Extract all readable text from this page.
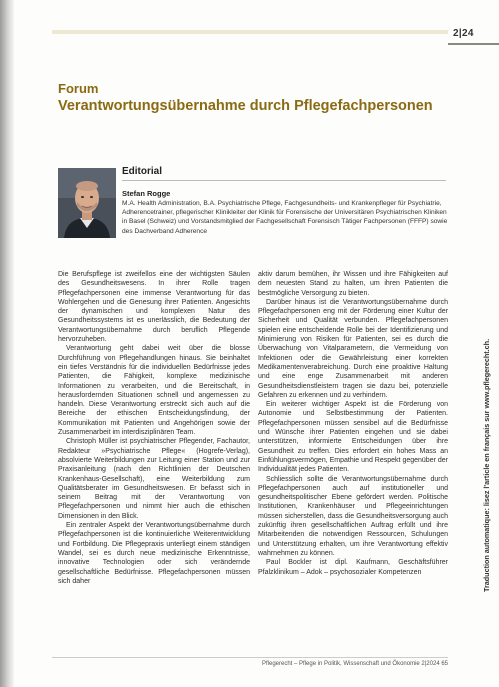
2|24
Forum
Verantwortungsübernahme durch Pflegefachpersonen
Editorial
Stefan Rogge
M.A. Health Administration, B.A. Psychiatrische Pflege, Fachgesundheits- und Krankenpfleger für Psychiatrie, Adherencetrainer, pflegerischer Klinikleiter der Klinik für Forensische der Universitären Psychiatrischen Kliniken in Basel (Schweiz) und Vorstandsmitglied der Fachgesellschaft Forensisch Tätiger Fachpersonen (FFFP) sowie des Dachverband Adherence

Die Berufspflege ist zweifellos eine der wichtigsten Säulen des Gesundheitswesens. In ihrer Rolle tragen Pflegefachpersonen eine immense Verantwortung für das Wohlergehen und die Genesung ihrer Patienten. Angesichts der dynamischen und komplexen Natur des Gesundheitssystems ist es unerlässlich, die Bedeutung der Verantwortungsübernahme durch beruflich Pflegende hervorzuheben.

Verantwortung geht dabei weit über die blosse Durchführung von Pflegehandlungen hinaus. Sie beinhaltet ein tiefes Verständnis für die individuellen Bedürfnisse jedes Patienten, die Fähigkeit, komplexe medizinische Informationen zu verarbeiten, und die Bereitschaft, in herausfordernden Situationen schnell und angemessen zu handeln. Diese Verantwortung erstreckt sich auch auf die Bereiche der ethischen Entscheidungsfindung, der Kommunikation mit Patienten und Angehörigen sowie der Zusammenarbeit im interdisziplinären Team.

Christoph Müller ist psychiatrischer Pflegender, Fachautor, Redakteur »Psychiatrische Pflege« (Hogrefe-Verlag), absolvierte Weiterbildungen zur Leitung einer Station und zur Praxisanleitung (nach den Richtlinien der Deutschen Krankenhaus-Gesellschaft), eine Weiterbildung zum Qualitätsberater im Gesundheitswesen. Er befasst sich in seinem Beitrag mit der Verantwortung von Pflegefachpersonen und nimmt hier auch die ethischen Dimensionen in den Blick.

Ein zentraler Aspekt der Verantwortungsübernahme durch Pflegefachpersonen ist die kontinuierliche Weiterentwicklung und Fortbildung. Die Pflegepraxis unterliegt einem ständigen Wandel, sei es durch neue medizinische Erkenntnisse, innovative Technologien oder sich verändernde gesellschaftliche Bedürfnisse. Pflegefachpersonen müssen sich daher

aktiv darum bemühen, ihr Wissen und ihre Fähigkeiten auf dem neuesten Stand zu halten, um ihren Patienten die bestmögliche Versorgung zu bieten.

Darüber hinaus ist die Verantwortungsübernahme durch Pflegefachpersonen eng mit der Förderung einer Kultur der Sicherheit und Qualität verbunden. Pflegefachpersonen spielen eine entscheidende Rolle bei der Identifizierung und Minimierung von Risiken für Patienten, sei es durch die Überwachung von Vitalparametern, die Vermeidung von Infektionen oder die Gewährleistung einer korrekten Medikamentenverabreichung. Durch eine proaktive Haltung und eine enge Zusammenarbeit mit anderen Gesundheitsdienstleistern tragen sie dazu bei, potenzielle Gefahren zu erkennen und zu verhindern.

Ein weiterer wichtiger Aspekt ist die Förderung von Autonomie und Selbstbestimmung der Patienten. Pflegefachpersonen müssen sensibel auf die Bedürfnisse und Wünsche ihrer Patienten eingehen und sie dabei unterstützen, informierte Entscheidungen über ihre Gesundheit zu treffen. Dies erfordert ein hohes Mass an Einfühlungsvermögen, Empathie und Respekt gegenüber der Individualität jedes Patienten.

Schliesslich sollte die Verantwortungsübernahme durch Pflegefachpersonen auch auf institutioneller und gesundheitspolitischer Ebene gefördert werden. Politische Institutionen, Krankenhäuser und Pflegeeinrichtungen müssen sicherstellen, dass die Gesundheitsversorgung auch zukünftig ihren gesellschaftlichen Auftrag erfüllt und ihre Mitarbeitenden die notwendigen Ressourcen, Schulungen und Unterstützung erhalten, um ihre Verantwortung effektiv wahrnehmen zu können.

Paul Bockler ist dipl. Kaufmann, Geschäftsführer Pfalzklinikum – Adok – psychosozialer Kompetenzen	Traduction automatique: lisez l'article en français sur www.pflegerecht.ch.
Pflegerecht – Pflege in Politik, Wissenschaft und Ökonomie 2|2024 65
